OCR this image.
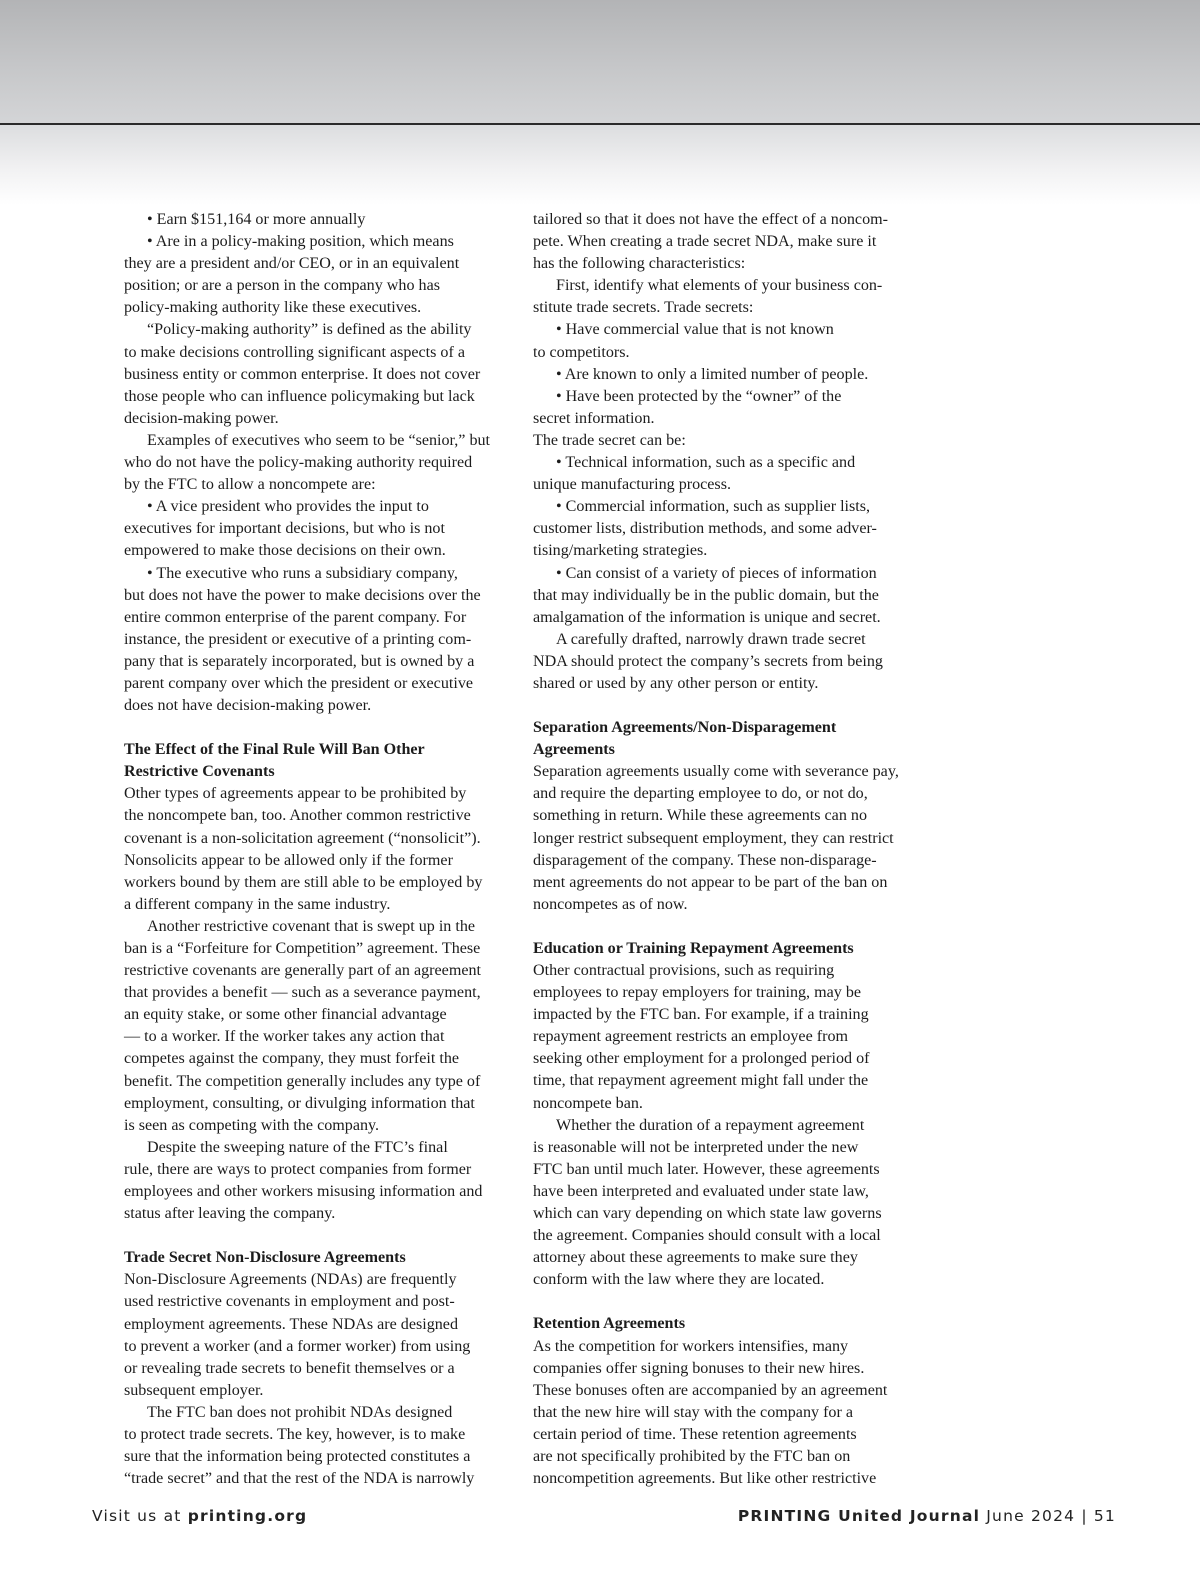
• Earn $151,164 or more annually

• Are in a policy-making position, which means

they are a president and/or CEO, or in an equivalent

position; or are a person in the company who has

policy-making authority like these executives.

“Policy-making authority” is defined as the ability

to make decisions controlling significant aspects of a

business entity or common enterprise. It does not cover

those people who can influence policymaking but lack

decision-making power.

Examples of executives who seem to be “senior,” but

who do not have the policy-making authority required

by the FTC to allow a noncompete are:

• A vice president who provides the input to

executives for important decisions, but who is not

empowered to make those decisions on their own.

• The executive who runs a subsidiary company,

but does not have the power to make decisions over the

entire common enterprise of the parent company. For

instance, the president or executive of a printing com-

pany that is separately incorporated, but is owned by a

parent company over which the president or executive

does not have decision-making power.

The Effect of the Final Rule Will Ban Other
Restrictive Covenants

Other types of agreements appear to be prohibited by

the noncompete ban, too. Another common restrictive

covenant is a non-solicitation agreement (“nonsolicit”).

Nonsolicits appear to be allowed only if the former

workers bound by them are still able to be employed by

a different company in the same industry.

Another restrictive covenant that is swept up in the

ban is a “Forfeiture for Competition” agreement. These

restrictive covenants are generally part of an agreement

that provides a benefit — such as a severance payment,

an equity stake, or some other financial advantage

— to a worker. If the worker takes any action that

competes against the company, they must forfeit the

benefit. The competition generally includes any type of

employment, consulting, or divulging information that

is seen as competing with the company.

Despite the sweeping nature of the FTC’s final

rule, there are ways to protect companies from former

employees and other workers misusing information and

status after leaving the company.

Trade Secret Non-Disclosure Agreements

Non-Disclosure Agreements (NDAs) are frequently

used restrictive covenants in employment and post-

employment agreements. These NDAs are designed

to prevent a worker (and a former worker) from using

or revealing trade secrets to benefit themselves or a

subsequent employer.

The FTC ban does not prohibit NDAs designed

to protect trade secrets. The key, however, is to make

sure that the information being protected constitutes a

“trade secret” and that the rest of the NDA is narrowly

tailored so that it does not have the effect of a noncom-

pete. When creating a trade secret NDA, make sure it

has the following characteristics:

First, identify what elements of your business con-

stitute trade secrets. Trade secrets:

• Have commercial value that is not known

to competitors.

• Are known to only a limited number of people.

• Have been protected by the “owner” of the

secret information.

The trade secret can be:

• Technical information, such as a specific and

unique manufacturing process.

• Commercial information, such as supplier lists,

customer lists, distribution methods, and some adver-

tising/marketing strategies.

• Can consist of a variety of pieces of information

that may individually be in the public domain, but the

amalgamation of the information is unique and secret.

A carefully drafted, narrowly drawn trade secret

NDA should protect the company’s secrets from being

shared or used by any other person or entity.

Separation Agreements/Non-Disparagement
Agreements

Separation agreements usually come with severance pay,

and require the departing employee to do, or not do,

something in return. While these agreements can no

longer restrict subsequent employment, they can restrict

disparagement of the company. These non-disparage-

ment agreements do not appear to be part of the ban on

noncompetes as of now.

Education or Training Repayment Agreements

Other contractual provisions, such as requiring

employees to repay employers for training, may be

impacted by the FTC ban. For example, if a training

repayment agreement restricts an employee from

seeking other employment for a prolonged period of

time, that repayment agreement might fall under the

noncompete ban.

Whether the duration of a repayment agreement

is reasonable will not be interpreted under the new

FTC ban until much later. However, these agreements

have been interpreted and evaluated under state law,

which can vary depending on which state law governs

the agreement. Companies should consult with a local

attorney about these agreements to make sure they

conform with the law where they are located.

Retention Agreements

As the competition for workers intensifies, many

companies offer signing bonuses to their new hires.

These bonuses often are accompanied by an agreement

that the new hire will stay with the company for a

certain period of time. These retention agreements

are not specifically prohibited by the FTC ban on

noncompetition agreements. But like other restrictive

Visit us at printing.org	PRINTING United Journal June 2024 | 51
